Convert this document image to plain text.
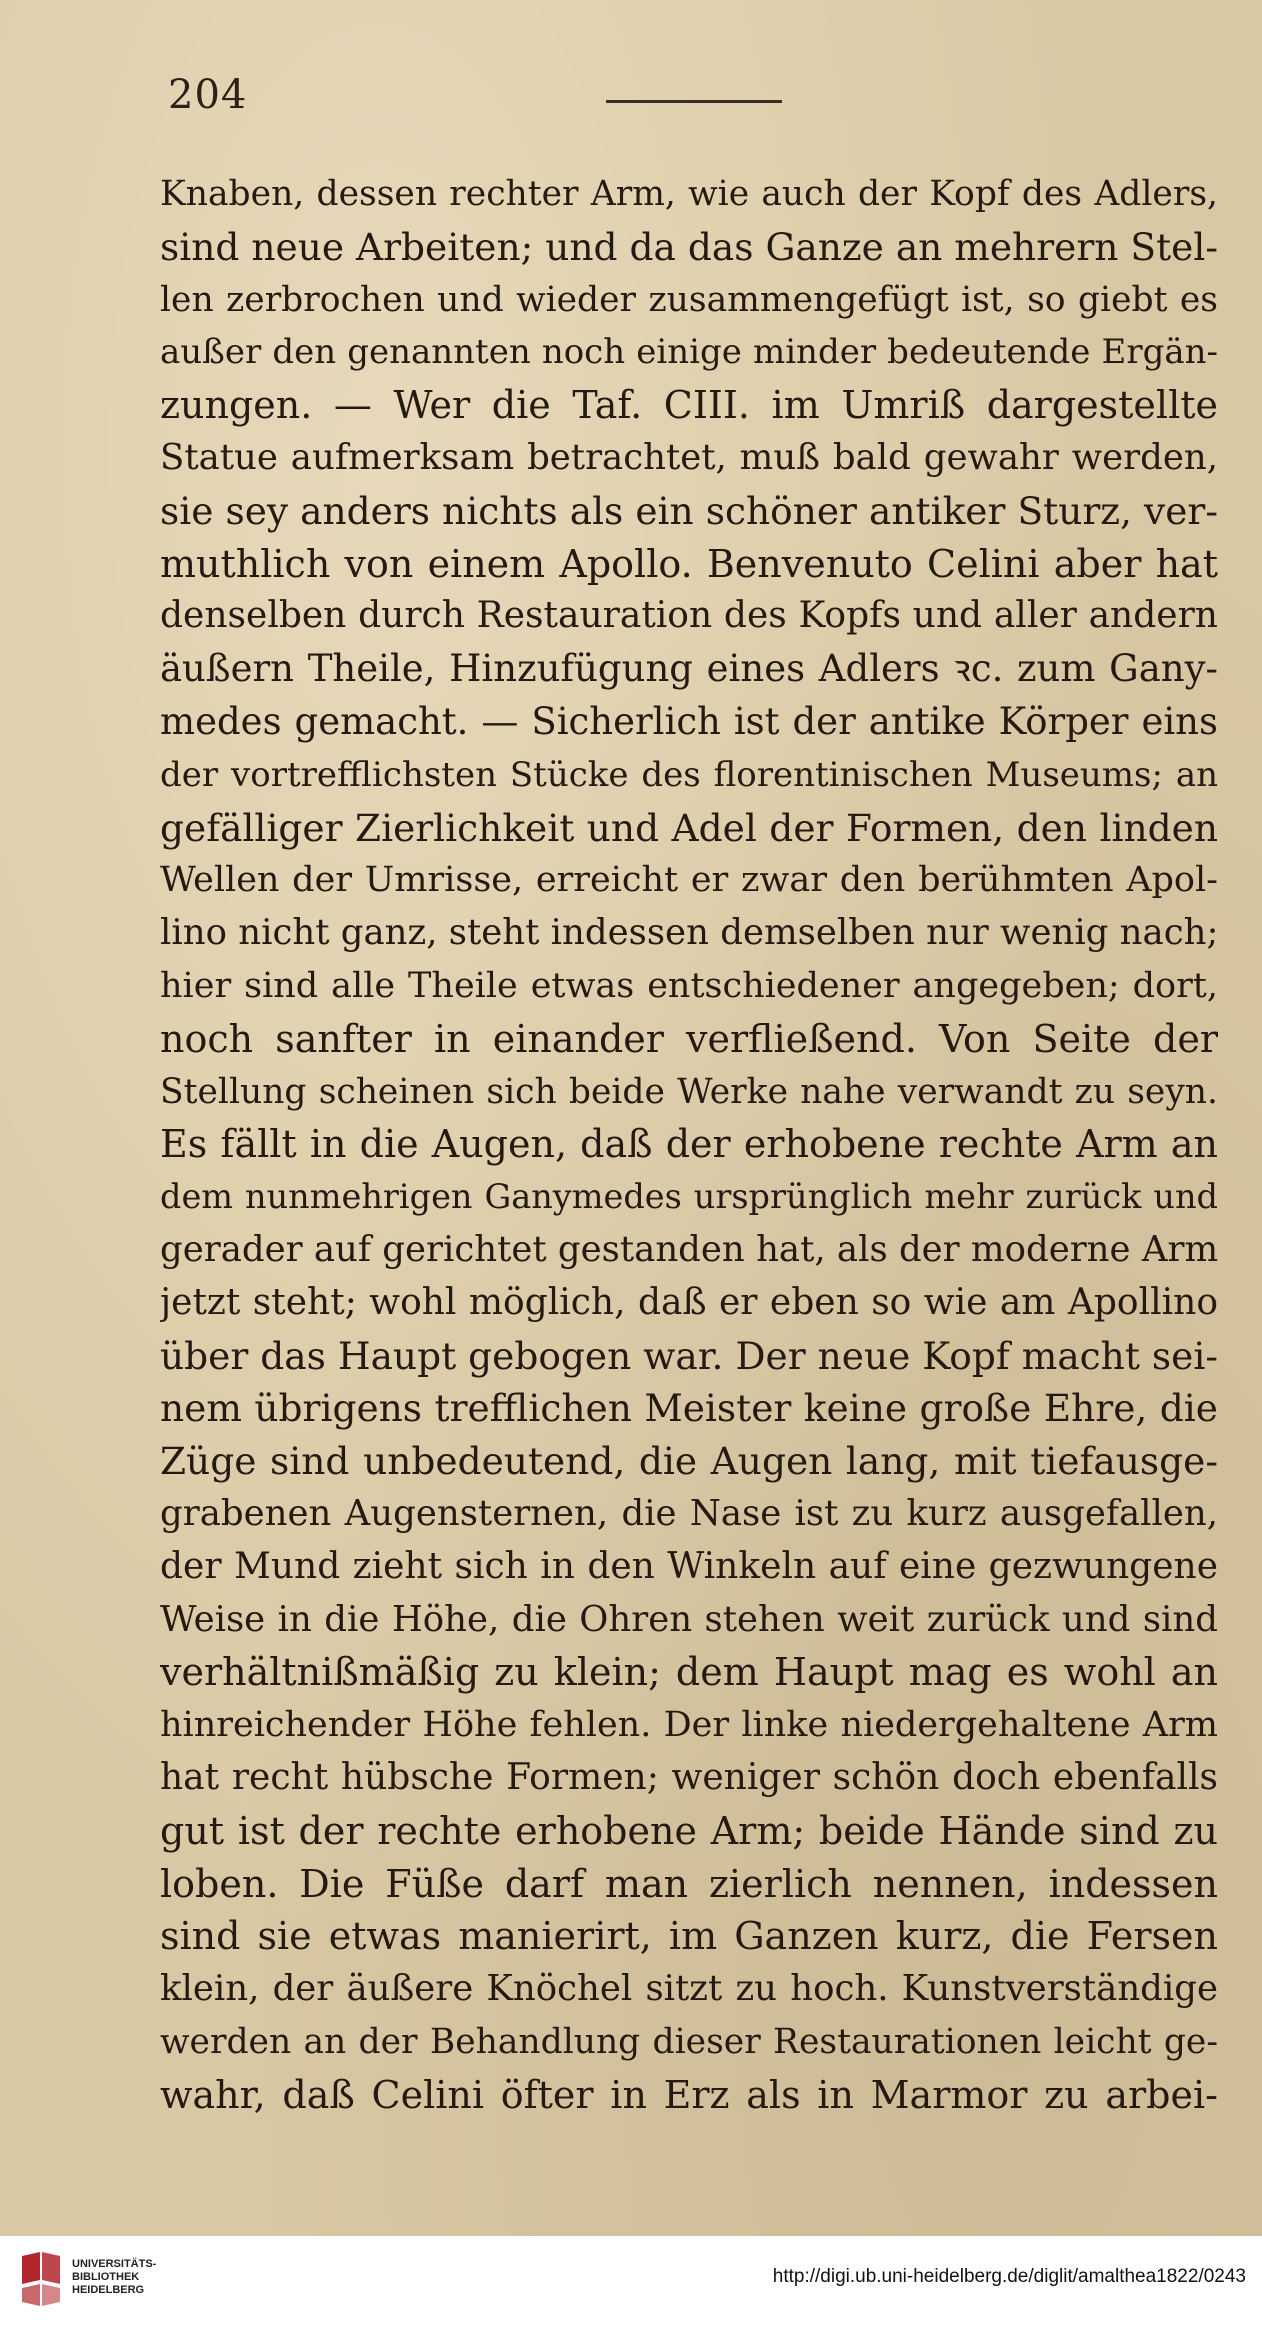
204
Knaben, dessen rechter Arm, wie auch der Kopf des Adlers,
sind neue Arbeiten; und da das Ganze an mehrern Stel-
len zerbrochen und wieder zusammengefügt ist, so giebt es
außer den genannten noch einige minder bedeutende Ergän-
zungen. — Wer die Taf. CIII. im Umriß dargestellte
Statue aufmerksam betrachtet, muß bald gewahr werden,
sie sey anders nichts als ein schöner antiker Sturz, ver-
muthlich von einem Apollo. Benvenuto Celini aber hat
denselben durch Restauration des Kopfs und aller andern
äußern Theile, Hinzufügung eines Adlers ꝛc. zum Gany-
medes gemacht. — Sicherlich ist der antike Körper eins
der vortrefflichsten Stücke des florentinischen Museums; an
gefälliger Zierlichkeit und Adel der Formen, den linden
Wellen der Umrisse, erreicht er zwar den berühmten Apol-
lino nicht ganz, steht indessen demselben nur wenig nach;
hier sind alle Theile etwas entschiedener angegeben; dort,
noch sanfter in einander verfließend. Von Seite der
Stellung scheinen sich beide Werke nahe verwandt zu seyn.
Es fällt in die Augen, daß der erhobene rechte Arm an
dem nunmehrigen Ganymedes ursprünglich mehr zurück und
gerader auf gerichtet gestanden hat, als der moderne Arm
jetzt steht; wohl möglich, daß er eben so wie am Apollino
über das Haupt gebogen war. Der neue Kopf macht sei-
nem übrigens trefflichen Meister keine große Ehre, die
Züge sind unbedeutend, die Augen lang, mit tiefausge-
grabenen Augensternen, die Nase ist zu kurz ausgefallen,
der Mund zieht sich in den Winkeln auf eine gezwungene
Weise in die Höhe, die Ohren stehen weit zurück und sind
verhältnißmäßig zu klein; dem Haupt mag es wohl an
hinreichender Höhe fehlen. Der linke niedergehaltene Arm
hat recht hübsche Formen; weniger schön doch ebenfalls
gut ist der rechte erhobene Arm; beide Hände sind zu
loben. Die Füße darf man zierlich nennen, indessen
sind sie etwas manierirt, im Ganzen kurz, die Fersen
klein, der äußere Knöchel sitzt zu hoch. Kunstverständige
werden an der Behandlung dieser Restaurationen leicht ge-
wahr, daß Celini öfter in Erz als in Marmor zu arbei-
UNIVERSITÄTS-
BIBLIOTHEK
HEIDELBERG
http://digi.ub.uni-heidelberg.de/diglit/amalthea1822/0243
